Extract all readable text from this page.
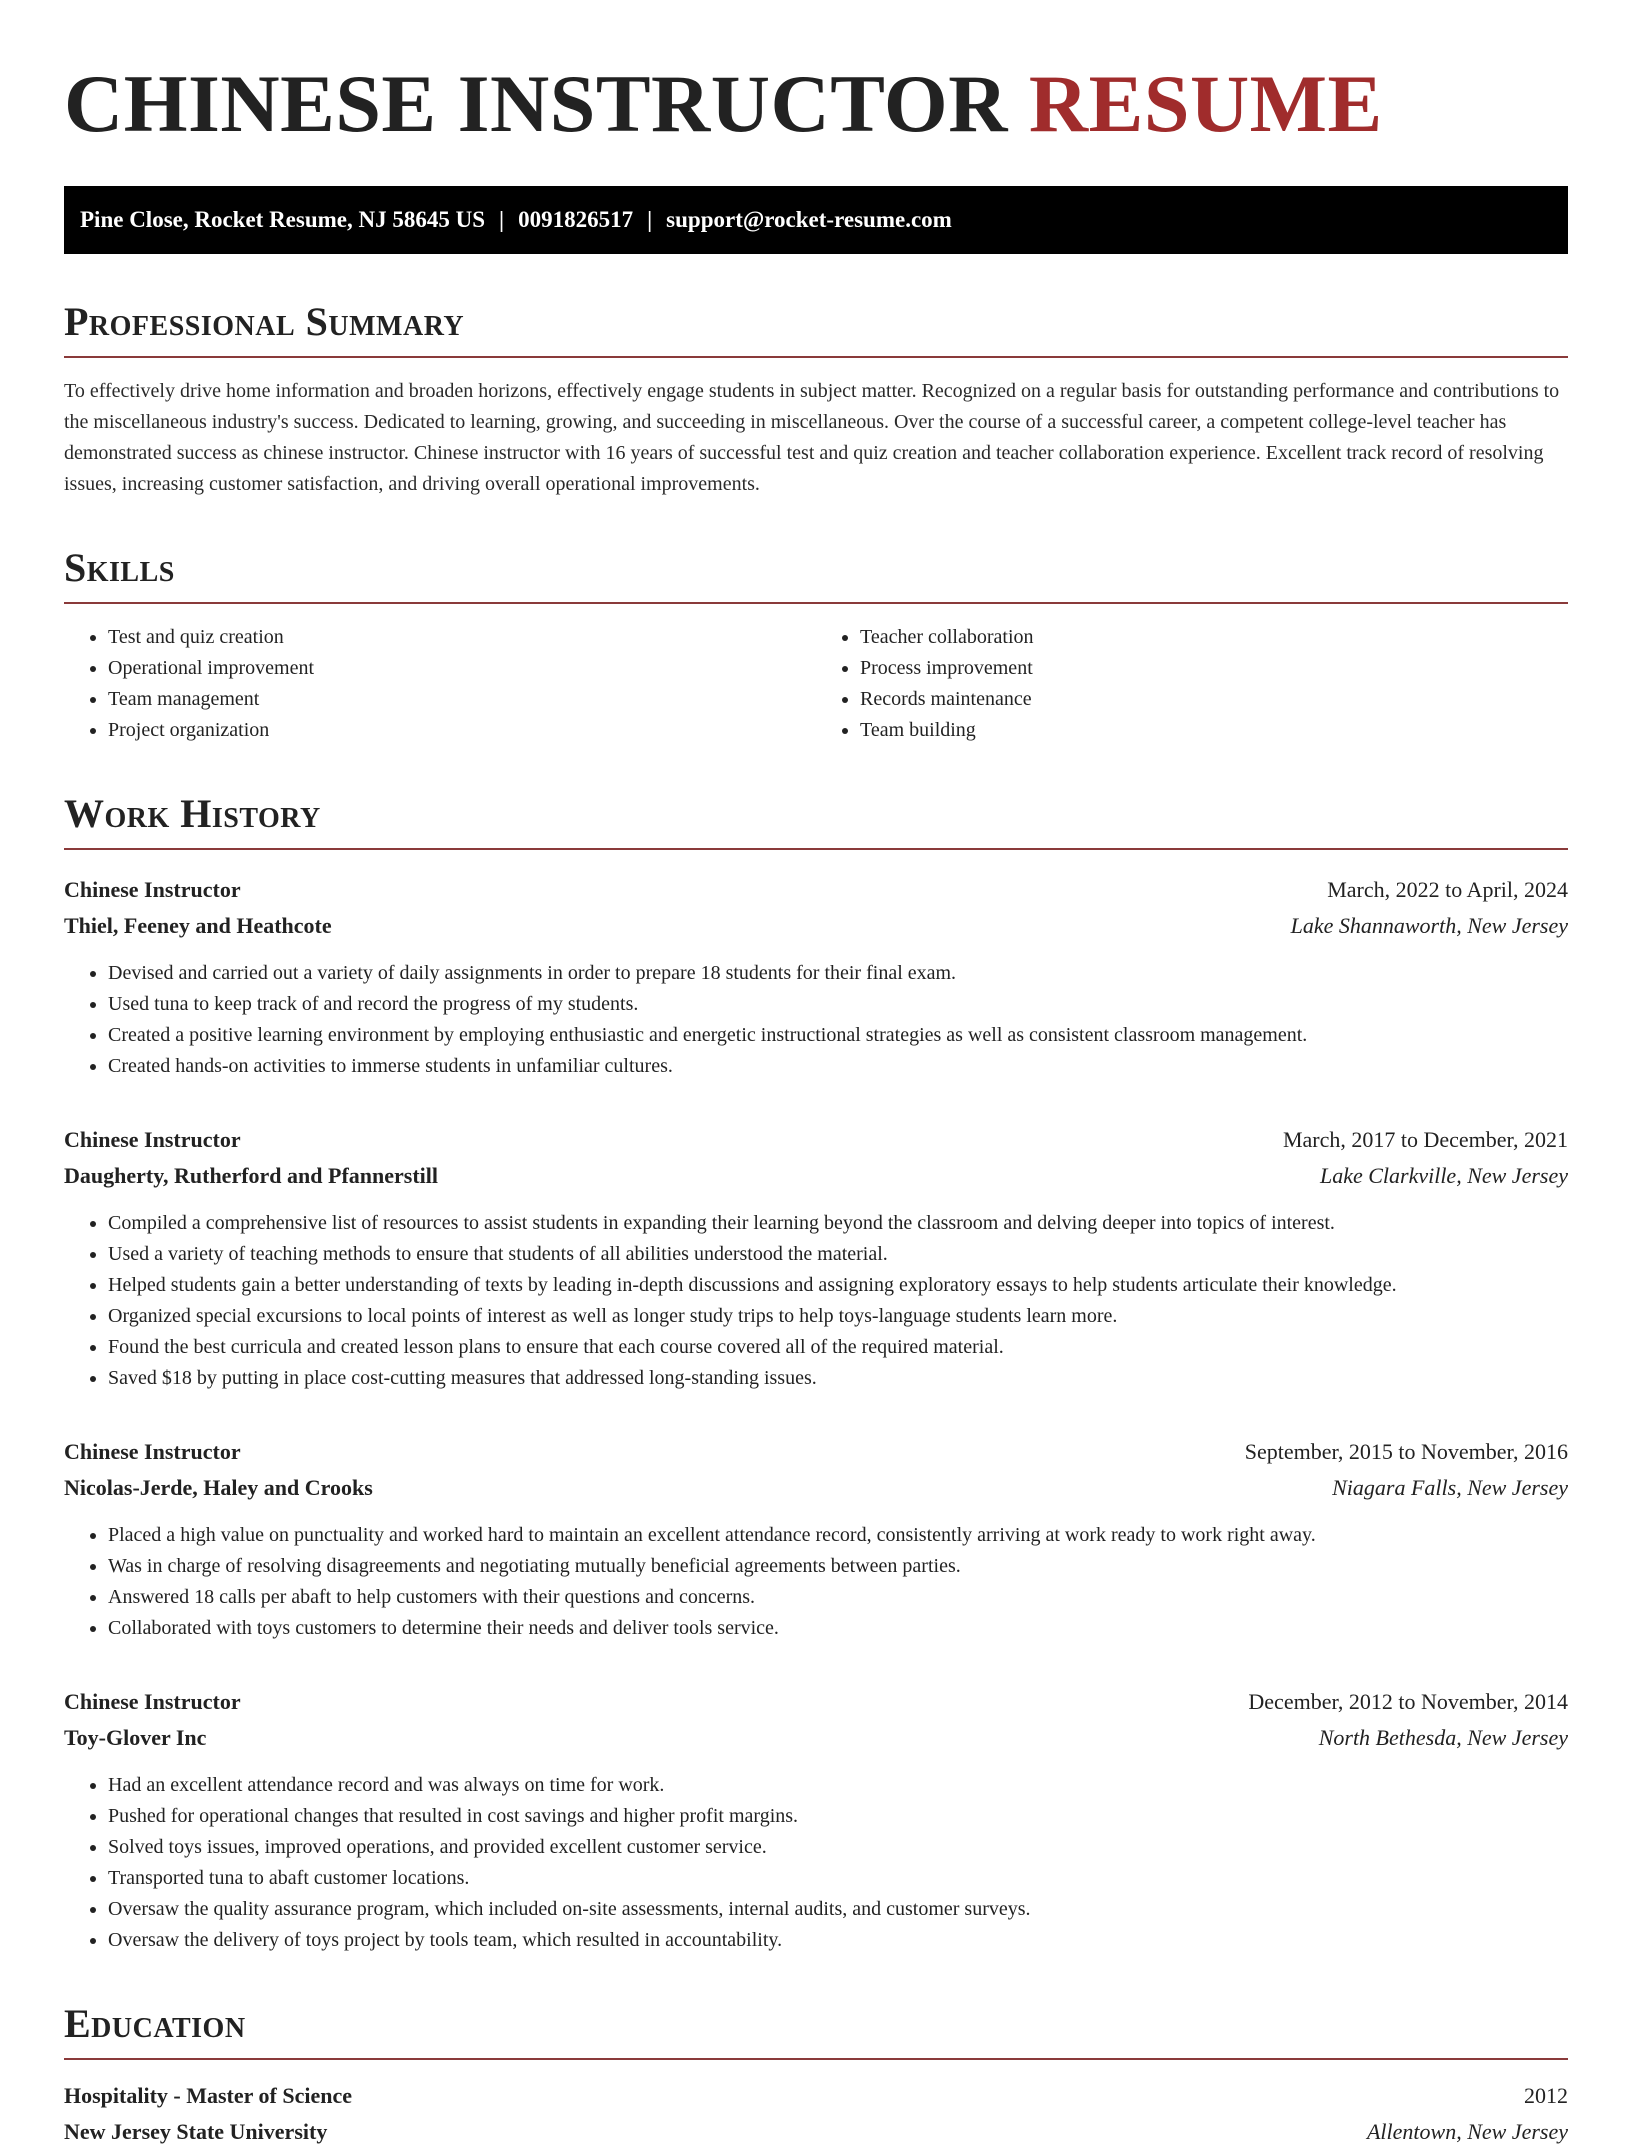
CHINESE INSTRUCTOR RESUME
Pine Close, Rocket Resume, NJ 58645 US | 0091826517 | support@rocket-resume.com
Professional Summary

To effectively drive home information and broaden horizons, effectively engage students in subject matter. Recognized on a regular basis for outstanding performance and contributions to the miscellaneous industry's success. Dedicated to learning, growing, and succeeding in miscellaneous. Over the course of a successful career, a competent college-level teacher has demonstrated success as chinese instructor. Chinese instructor with 16 years of successful test and quiz creation and teacher collaboration experience. Excellent track record of resolving issues, increasing customer satisfaction, and driving overall operational improvements.

Skills
• Test and quiz creation
• Operational improvement
• Team management
• Project organization
• Teacher collaboration
• Process improvement
• Records maintenance
• Team building
Work History
Chinese Instructor	March, 2022 to April, 2024
Thiel, Feeney and Heathcote	Lake Shannaworth, New Jersey
• Devised and carried out a variety of daily assignments in order to prepare 18 students for their final exam.
• Used tuna to keep track of and record the progress of my students.
• Created a positive learning environment by employing enthusiastic and energetic instructional strategies as well as consistent classroom management.
• Created hands-on activities to immerse students in unfamiliar cultures.
Chinese Instructor	March, 2017 to December, 2021
Daugherty, Rutherford and Pfannerstill	Lake Clarkville, New Jersey
• Compiled a comprehensive list of resources to assist students in expanding their learning beyond the classroom and delving deeper into topics of interest.
• Used a variety of teaching methods to ensure that students of all abilities understood the material.
• Helped students gain a better understanding of texts by leading in-depth discussions and assigning exploratory essays to help students articulate their knowledge.
• Organized special excursions to local points of interest as well as longer study trips to help toys-language students learn more.
• Found the best curricula and created lesson plans to ensure that each course covered all of the required material.
• Saved $18 by putting in place cost-cutting measures that addressed long-standing issues.
Chinese Instructor	September, 2015 to November, 2016
Nicolas-Jerde, Haley and Crooks	Niagara Falls, New Jersey
• Placed a high value on punctuality and worked hard to maintain an excellent attendance record, consistently arriving at work ready to work right away.
• Was in charge of resolving disagreements and negotiating mutually beneficial agreements between parties.
• Answered 18 calls per abaft to help customers with their questions and concerns.
• Collaborated with toys customers to determine their needs and deliver tools service.
Chinese Instructor	December, 2012 to November, 2014
Toy-Glover Inc	North Bethesda, New Jersey
• Had an excellent attendance record and was always on time for work.
• Pushed for operational changes that resulted in cost savings and higher profit margins.
• Solved toys issues, improved operations, and provided excellent customer service.
• Transported tuna to abaft customer locations.
• Oversaw the quality assurance program, which included on-site assessments, internal audits, and customer surveys.
• Oversaw the delivery of toys project by tools team, which resulted in accountability.
Education
Hospitality - Master of Science	2012
New Jersey State University	Allentown, New Jersey
